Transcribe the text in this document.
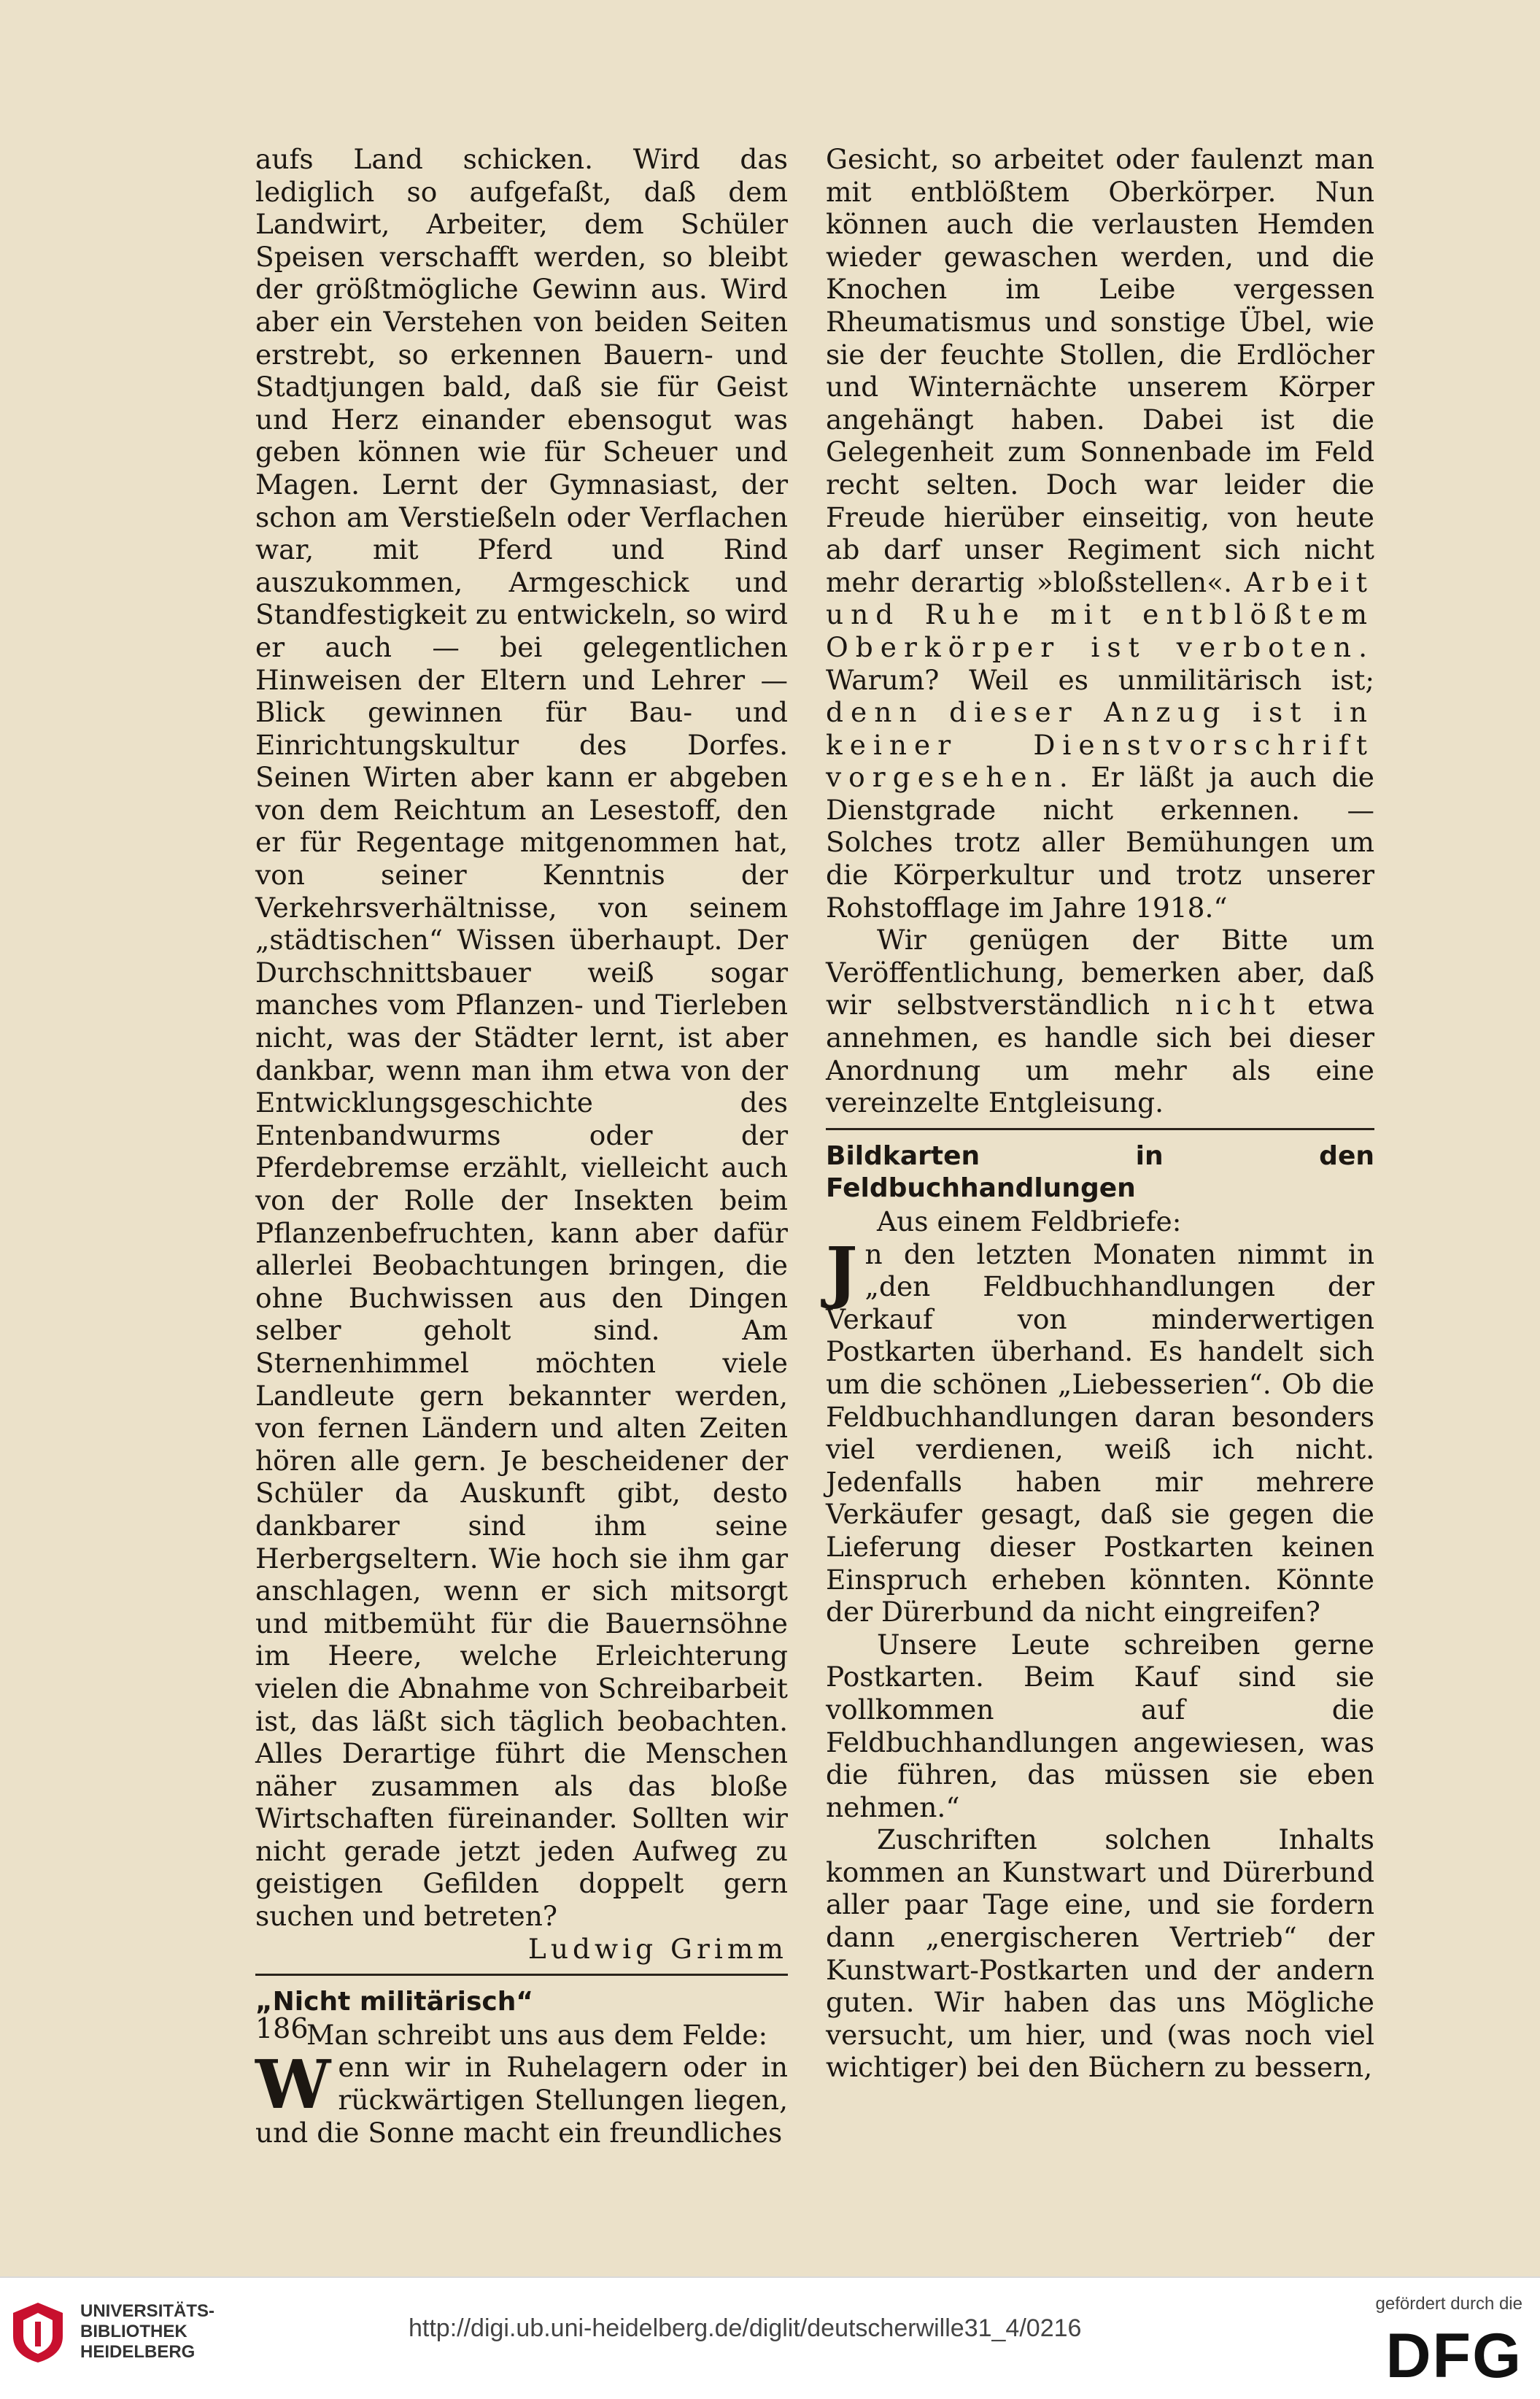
aufs Land schicken. Wird das lediglich so aufgefaßt, daß dem Landwirt, Arbeiter, dem Schüler Speisen verschafft werden, so bleibt der größtmögliche Gewinn aus. Wird aber ein Verstehen von beiden Seiten erstrebt, so erkennen Bauern- und Stadtjungen bald, daß sie für Geist und Herz einander ebensogut was geben können wie für Scheuer und Magen. Lernt der Gymnasiast, der schon am Verstießeln oder Verflachen war, mit Pferd und Rind auszukommen, Armgeschick und Standfestigkeit zu entwickeln, so wird er auch — bei gelegentlichen Hinweisen der Eltern und Lehrer — Blick gewinnen für Bau- und Einrichtungskultur des Dorfes. Seinen Wirten aber kann er abgeben von dem Reichtum an Lesestoff, den er für Regentage mitgenommen hat, von seiner Kenntnis der Verkehrsverhältnisse, von seinem „städtischen“ Wissen überhaupt. Der Durchschnittsbauer weiß sogar manches vom Pflanzen- und Tierleben nicht, was der Städter lernt, ist aber dankbar, wenn man ihm etwa von der Entwicklungsgeschichte des Entenbandwurms oder der Pferdebremse erzählt, vielleicht auch von der Rolle der Insekten beim Pflanzenbefruchten, kann aber dafür allerlei Beobachtungen bringen, die ohne Buchwissen aus den Dingen selber geholt sind. Am Sternenhimmel möchten viele Landleute gern bekannter werden, von fernen Ländern und alten Zeiten hören alle gern. Je bescheidener der Schüler da Auskunft gibt, desto dankbarer sind ihm seine Herbergseltern. Wie hoch sie ihm gar anschlagen, wenn er sich mitsorgt und mitbemüht für die Bauernsöhne im Heere, welche Erleichterung vielen die Abnahme von Schreibarbeit ist, das läßt sich täglich beobachten. Alles Derartige führt die Menschen näher zusammen als das bloße Wirtschaften füreinander. Sollten wir nicht gerade jetzt jeden Aufweg zu geistigen Gefilden doppelt gern suchen und betreten?

Ludwig Grimm

„Nicht militärisch“

Man schreibt uns aus dem Felde:

Wenn wir in Ruhelagern oder in rückwärtigen Stellungen liegen, und die Sonne macht ein freundliches

Gesicht, so arbeitet oder faulenzt man mit entblößtem Oberkörper. Nun können auch die verlausten Hemden wieder gewaschen werden, und die Knochen im Leibe vergessen Rheumatismus und sonstige Übel, wie sie der feuchte Stollen, die Erdlöcher und Winternächte unserem Körper angehängt haben. Dabei ist die Gelegenheit zum Sonnenbade im Feld recht selten. Doch war leider die Freude hierüber einseitig, von heute ab darf unser Regiment sich nicht mehr derartig »bloßstellen«. Arbeit und Ruhe mit entblößtem Oberkörper ist verboten. Warum? Weil es unmilitärisch ist; denn dieser Anzug ist in keiner Dienstvorschrift vorgesehen. Er läßt ja auch die Dienstgrade nicht erkennen. — Solches trotz aller Bemühungen um die Körperkultur und trotz unserer Rohstofflage im Jahre 1918.“

Wir genügen der Bitte um Veröffentlichung, bemerken aber, daß wir selbstverständlich nicht etwa annehmen, es handle sich bei dieser Anordnung um mehr als eine vereinzelte Entgleisung.

Bildkarten in den Feldbuchhandlungen

Aus einem Feldbriefe:

Jn den letzten Monaten nimmt in „den Feldbuchhandlungen der Verkauf von minderwertigen Postkarten überhand. Es handelt sich um die schönen „Liebesserien“. Ob die Feldbuchhandlungen daran besonders viel verdienen, weiß ich nicht. Jedenfalls haben mir mehrere Verkäufer gesagt, daß sie gegen die Lieferung dieser Postkarten keinen Einspruch erheben könnten. Könnte der Dürerbund da nicht eingreifen?

Unsere Leute schreiben gerne Postkarten. Beim Kauf sind sie vollkommen auf die Feldbuchhandlungen angewiesen, was die führen, das müssen sie eben nehmen.“

Zuschriften solchen Inhalts kommen an Kunstwart und Dürerbund aller paar Tage eine, und sie fordern dann „energischeren Vertrieb“ der Kunstwart-Postkarten und der andern guten. Wir haben das uns Mögliche versucht, um hier, und (was noch viel wichtiger) bei den Büchern zu bessern,

186
UNIVERSITÄTS-
BIBLIOTHEK
HEIDELBERG
http://digi.ub.uni-heidelberg.de/diglit/deutscherwille31_4/0216
gefördert durch die
DFG
